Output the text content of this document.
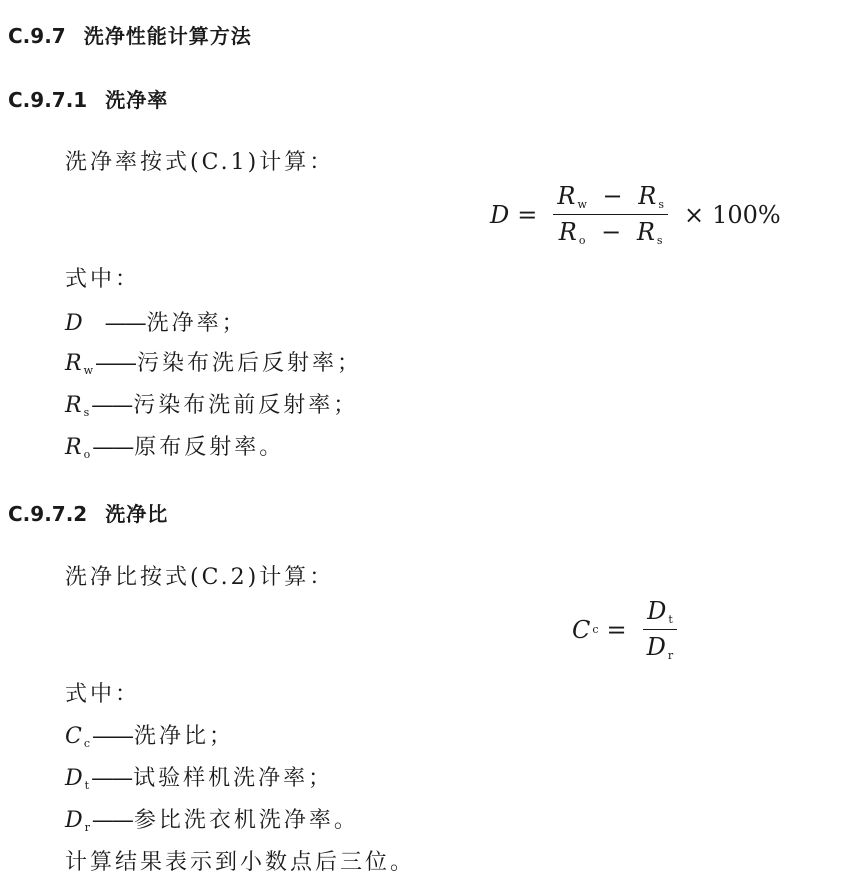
C.9.7 洗净性能计算方法
C.9.7.1 洗净率
洗净率按式(C.1)计算：
$D = \frac{R _w - R _s}{R _o - R _s} \times 100\%$
式中：
D ——洗净率；
R $_w$——污染布洗后反射率；
R $_s$——污染布洗前反射率；
R $_o$——原布反射率。
C.9.7.2 洗净比
洗净比按式(C.2)计算：
C $c = \frac{D _t}{D _r}$
式中：
C $_c$——洗净比；
D $_t$——试验样机洗净率；
D $_r$——参比洗衣机洗净率。
计算结果表示到小数点后三位。
